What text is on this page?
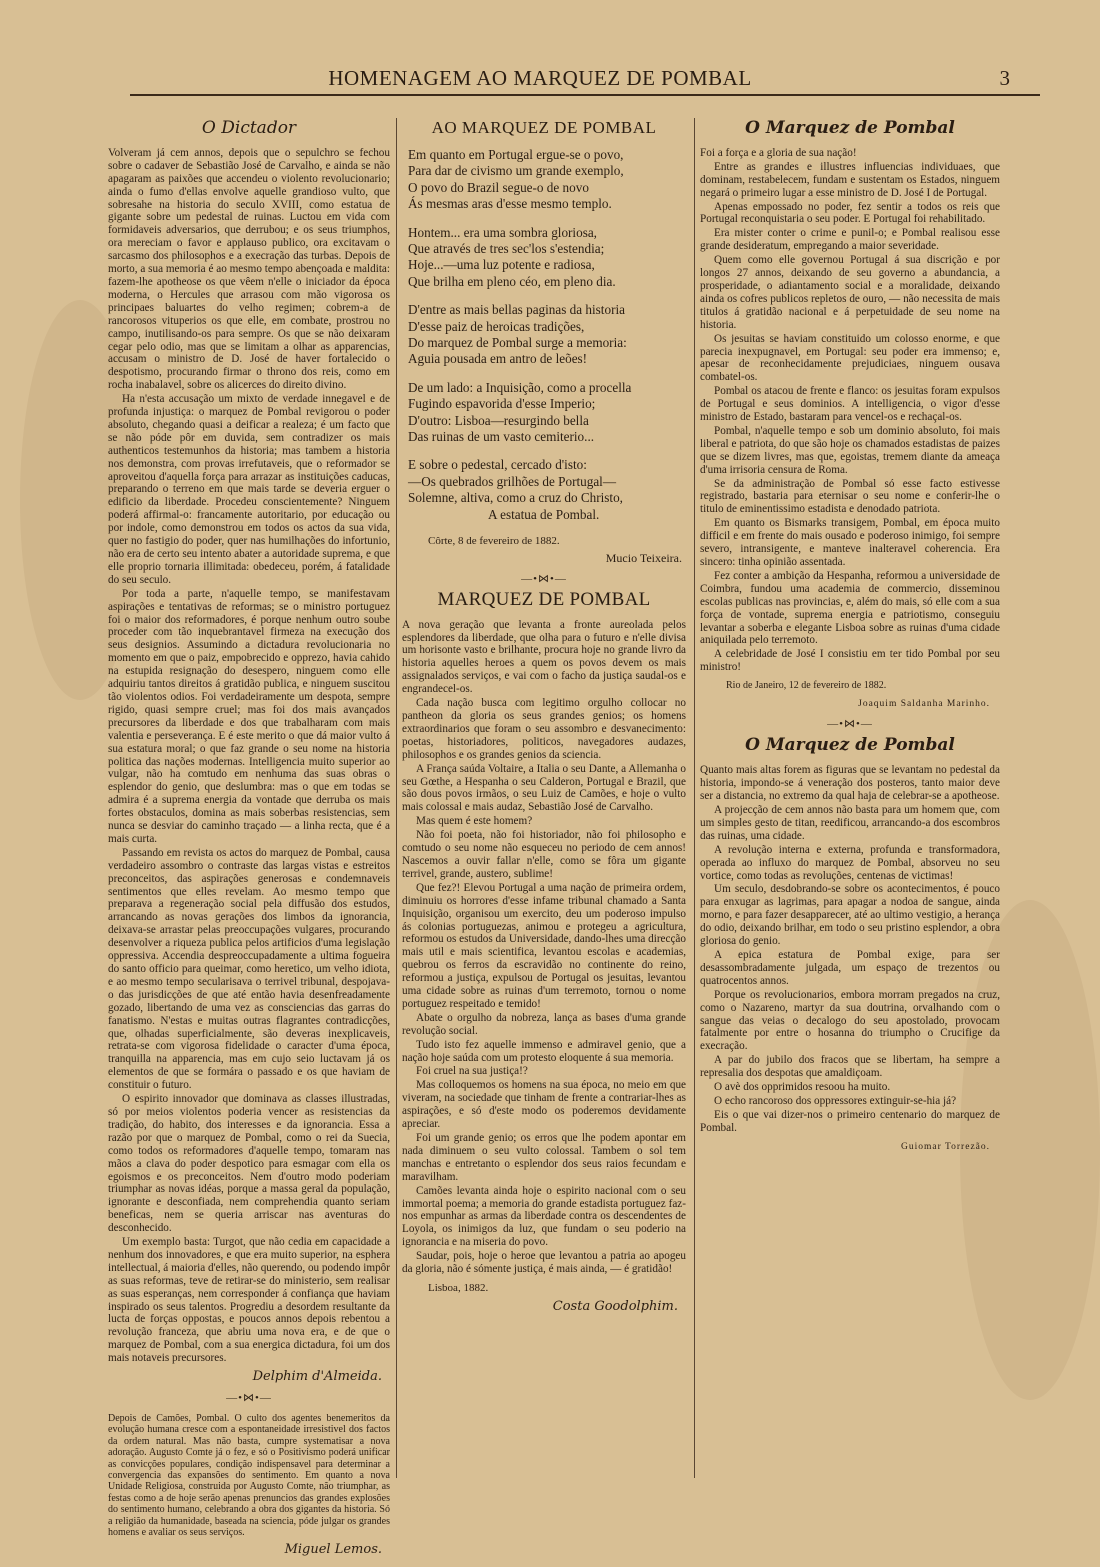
HOMENAGEM AO MARQUEZ DE POMBAL	3
O Dictador

Volveram já cem annos, depois que o sepulchro se fechou sobre o cadaver de Sebastião José de Carvalho, e ainda se não apagaram as paixões que accendeu o violento revolucionario; ainda o fumo d'ellas envolve aquelle grandioso vulto, que sobresahe na historia do seculo XVIII, como estatua de gigante sobre um pedestal de ruinas. Luctou em vida com formidaveis adversarios, que derrubou; e os seus triumphos, ora mereciam o favor e applauso publico, ora excitavam o sarcasmo dos philosophos e a execração das turbas. Depois de morto, a sua memoria é ao mesmo tempo abençoada e maldita: fazem-lhe apotheose os que vêem n'elle o iniciador da época moderna, o Hercules que arrasou com mão vigorosa os principaes baluartes do velho regimen; cobrem-a de rancorosos vituperios os que elle, em combate, prostrou no campo, inutilisando-os para sempre. Os que se não deixaram cegar pelo odio, mas que se limitam a olhar as apparencias, accusam o ministro de D. José de haver fortalecido o despotismo, procurando firmar o throno dos reis, como em rocha inabalavel, sobre os alicerces do direito divino.

Ha n'esta accusação um mixto de verdade innegavel e de profunda injustiça: o marquez de Pombal revigorou o poder absoluto, chegando quasi a deificar a realeza; é um facto que se não póde pôr em duvida, sem contradizer os mais authenticos testemunhos da historia; mas tambem a historia nos demonstra, com provas irrefutaveis, que o reformador se aproveitou d'aquella força para arrazar as instituições caducas, preparando o terreno em que mais tarde se deveria erguer o edificio da liberdade. Procedeu conscientemente? Ninguem poderá affirmal-o: francamente autoritario, por educação ou por indole, como demonstrou em todos os actos da sua vida, quer no fastigio do poder, quer nas humilhações do infortunio, não era de certo seu intento abater a autoridade suprema, e que elle proprio tornaria illimitada: obedeceu, porém, á fatalidade do seu seculo.

Por toda a parte, n'aquelle tempo, se manifestavam aspirações e tentativas de reformas; se o ministro portuguez foi o maior dos reformadores, é porque nenhum outro soube proceder com tão inquebrantavel firmeza na execução dos seus designios. Assumindo a dictadura revolucionaria no momento em que o paiz, empobrecido e opprezo, havia cahido na estupida resignação do desespero, ninguem como elle adquiriu tantos direitos á gratidão publica, e ninguem suscitou tão violentos odios. Foi verdadeiramente um despota, sempre rigido, quasi sempre cruel; mas foi dos mais avançados precursores da liberdade e dos que trabalharam com mais valentia e perseverança. E é este merito o que dá maior vulto á sua estatura moral; o que faz grande o seu nome na historia politica das nações modernas. Intelligencia muito superior ao vulgar, não ha comtudo em nenhuma das suas obras o esplendor do genio, que deslumbra: mas o que em todas se admira é a suprema energia da vontade que derruba os mais fortes obstaculos, domina as mais soberbas resistencias, sem nunca se desviar do caminho traçado — a linha recta, que é a mais curta.

Passando em revista os actos do marquez de Pombal, causa verdadeiro assombro o contraste das largas vistas e estreitos preconceitos, das aspirações generosas e condemnaveis sentimentos que elles revelam. Ao mesmo tempo que preparava a regeneração social pela diffusão dos estudos, arrancando as novas gerações dos limbos da ignorancia, deixava-se arrastar pelas preoccupações vulgares, procurando desenvolver a riqueza publica pelos artificios d'uma legislação oppressiva. Accendia despreoccupadamente a ultima fogueira do santo officio para queimar, como heretico, um velho idiota, e ao mesmo tempo secularisava o terrivel tribunal, despojava-o das jurisdicções de que até então havia desenfreadamente gozado, libertando de uma vez as consciencias das garras do fanatismo. N'estas e muitas outras flagrantes contradicções, que, olhadas superficialmente, são deveras inexplicaveis, retrata-se com vigorosa fidelidade o caracter d'uma época, tranquilla na apparencia, mas em cujo seio luctavam já os elementos de que se formára o passado e os que haviam de constituir o futuro.

O espirito innovador que dominava as classes illustradas, só por meios violentos poderia vencer as resistencias da tradição, do habito, dos interesses e da ignorancia. Essa a razão por que o marquez de Pombal, como o rei da Suecia, como todos os reformadores d'aquelle tempo, tomaram nas mãos a clava do poder despotico para esmagar com ella os egoismos e os preconceitos. Nem d'outro modo poderiam triumphar as novas idéas, porque a massa geral da população, ignorante e desconfiada, nem comprehendia quanto seriam beneficas, nem se queria arriscar nas aventuras do desconhecido.

Um exemplo basta: Turgot, que não cedia em capacidade a nenhum dos innovadores, e que era muito superior, na esphera intellectual, á maioria d'elles, não querendo, ou podendo impôr as suas reformas, teve de retirar-se do ministerio, sem realisar as suas esperanças, nem corresponder á confiança que haviam inspirado os seus talentos. Progrediu a desordem resultante da lucta de forças oppostas, e poucos annos depois rebentou a revolução franceza, que abriu uma nova era, e de que o marquez de Pombal, com a sua energica dictadura, foi um dos mais notaveis precursores.

Delphim d'Almeida.
—•⋈•—

Depois de Camões, Pombal. O culto dos agentes benemeritos da evolução humana cresce com a espontaneidade irresistivel dos factos da ordem natural. Mas não basta, cumpre systematisar a nova adoração. Augusto Comte já o fez, e só o Positivismo poderá unificar as convicções populares, condição indispensavel para determinar a convergencia das expansões do sentimento. Em quanto a nova Unidade Religiosa, construida por Augusto Comte, não triumphar, as festas como a de hoje serão apenas prenuncios das grandes explosões do sentimento humano, celebrando a obra dos gigantes da historia. Só a religião da humanidade, baseada na sciencia, póde julgar os grandes homens e avaliar os seus serviços.

Miguel Lemos.
AO MARQUEZ DE POMBAL
Em quanto em Portugal ergue-se o povo,
Para dar de civismo um grande exemplo,
O povo do Brazil segue-o de novo
Ás mesmas aras d'esse mesmo templo.
Hontem... era uma sombra gloriosa,
Que através de tres sec'los s'estendia;
Hoje...—uma luz potente e radiosa,
Que brilha em pleno céo, em pleno dia.
D'entre as mais bellas paginas da historia
D'esse paiz de heroicas tradições,
Do marquez de Pombal surge a memoria:
Aguia pousada em antro de leões!
De um lado: a Inquisição, como a procella
Fugindo espavorida d'esse Imperio;
D'outro: Lisboa—resurgindo bella
Das ruinas de um vasto cemiterio...
E sobre o pedestal, cercado d'isto:
—Os quebrados grilhões de Portugal—
Solemne, altiva, como a cruz do Christo,
A estatua de Pombal.
Côrte, 8 de fevereiro de 1882.
Mucio Teixeira.
—•⋈•—
MARQUEZ DE POMBAL

A nova geração que levanta a fronte aureolada pelos esplendores da liberdade, que olha para o futuro e n'elle divisa um horisonte vasto e brilhante, procura hoje no grande livro da historia aquelles heroes a quem os povos devem os mais assignalados serviços, e vai com o facho da justiça saudal-os e engrandecel-os.

Cada nação busca com legitimo orgulho collocar no pantheon da gloria os seus grandes genios; os homens extraordinarios que foram o seu assombro e desvanecimento: poetas, historiadores, politicos, navegadores audazes, philosophos e os grandes genios da sciencia.

A França saúda Voltaire, a Italia o seu Dante, a Allemanha o seu Gœthe, a Hespanha o seu Calderon, Portugal e Brazil, que são dous povos irmãos, o seu Luiz de Camões, e hoje o vulto mais colossal e mais audaz, Sebastião José de Carvalho.

Mas quem é este homem?

Não foi poeta, não foi historiador, não foi philosopho e comtudo o seu nome não esqueceu no periodo de cem annos! Nascemos a ouvir fallar n'elle, como se fôra um gigante terrivel, grande, austero, sublime!

Que fez?! Elevou Portugal a uma nação de primeira ordem, diminuiu os horrores d'esse infame tribunal chamado a Santa Inquisição, organisou um exercito, deu um poderoso impulso ás colonias portuguezas, animou e protegeu a agricultura, reformou os estudos da Universidade, dando-lhes uma direcção mais util e mais scientifica, levantou escolas e academias, quebrou os ferros da escravidão no continente do reino, reformou a justiça, expulsou de Portugal os jesuitas, levantou uma cidade sobre as ruinas d'um terremoto, tornou o nome portuguez respeitado e temido!

Abate o orgulho da nobreza, lança as bases d'uma grande revolução social.

Tudo isto fez aquelle immenso e admiravel genio, que a nação hoje saúda com um protesto eloquente á sua memoria.

Foi cruel na sua justiça!?

Mas colloquemos os homens na sua época, no meio em que viveram, na sociedade que tinham de frente a contrariar-lhes as aspirações, e só d'este modo os poderemos devidamente apreciar.

Foi um grande genio; os erros que lhe podem apontar em nada diminuem o seu vulto colossal. Tambem o sol tem manchas e entretanto o esplendor dos seus raios fecundam e maravilham.

Camões levanta ainda hoje o espirito nacional com o seu immortal poema; a memoria do grande estadista portuguez faz-nos empunhar as armas da liberdade contra os descendentes de Loyola, os inimigos da luz, que fundam o seu poderio na ignorancia e na miseria do povo.

Saudar, pois, hoje o heroe que levantou a patria ao apogeu da gloria, não é sómente justiça, é mais ainda, — é gratidão!

Lisboa, 1882.
Costa Goodolphim.
O Marquez de Pombal

Foi a força e a gloria de sua nação!

Entre as grandes e illustres influencias individuaes, que dominam, restabelecem, fundam e sustentam os Estados, ninguem negará o primeiro lugar a esse ministro de D. José I de Portugal.

Apenas empossado no poder, fez sentir a todos os reis que Portugal reconquistaria o seu poder. E Portugal foi rehabilitado.

Era mister conter o crime e punil-o; e Pombal realisou esse grande desideratum, empregando a maior severidade.

Quem como elle governou Portugal á sua discrição e por longos 27 annos, deixando de seu governo a abundancia, a prosperidade, o adiantamento social e a moralidade, deixando ainda os cofres publicos repletos de ouro, — não necessita de mais titulos á gratidão nacional e á perpetuidade de seu nome na historia.

Os jesuitas se haviam constituido um colosso enorme, e que parecia inexpugnavel, em Portugal: seu poder era immenso; e, apesar de reconhecidamente prejudiciaes, ninguem ousava combatel-os.

Pombal os atacou de frente e flanco: os jesuitas foram expulsos de Portugal e seus dominios. A intelligencia, o vigor d'esse ministro de Estado, bastaram para vencel-os e rechaçal-os.

Pombal, n'aquelle tempo e sob um dominio absoluto, foi mais liberal e patriota, do que são hoje os chamados estadistas de paizes que se dizem livres, mas que, egoistas, tremem diante da ameaça d'uma irrisoria censura de Roma.

Se da administração de Pombal só esse facto estivesse registrado, bastaria para eternisar o seu nome e conferir-lhe o titulo de eminentissimo estadista e denodado patriota.

Em quanto os Bismarks transigem, Pombal, em época muito difficil e em frente do mais ousado e poderoso inimigo, foi sempre severo, intransigente, e manteve inalteravel coherencia. Era sincero: tinha opinião assentada.

Fez conter a ambição da Hespanha, reformou a universidade de Coimbra, fundou uma academia de commercio, disseminou escolas publicas nas provincias, e, além do mais, só elle com a sua força de vontade, suprema energia e patriotismo, conseguiu levantar a soberba e elegante Lisboa sobre as ruinas d'uma cidade aniquilada pelo terremoto.

A celebridade de José I consistiu em ter tido Pombal por seu ministro!

Rio de Janeiro, 12 de fevereiro de 1882.
Joaquim Saldanha Marinho.
—•⋈•—
O Marquez de Pombal

Quanto mais altas forem as figuras que se levantam no pedestal da historia, impondo-se á veneração dos posteros, tanto maior deve ser a distancia, no extremo da qual haja de celebrar-se a apotheose.

A projecção de cem annos não basta para um homem que, com um simples gesto de titan, reedificou, arrancando-a dos escombros das ruinas, uma cidade.

A revolução interna e externa, profunda e transformadora, operada ao influxo do marquez de Pombal, absorveu no seu vortice, como todas as revoluções, centenas de victimas!

Um seculo, desdobrando-se sobre os acontecimentos, é pouco para enxugar as lagrimas, para apagar a nodoa de sangue, ainda morno, e para fazer desapparecer, até ao ultimo vestigio, a herança do odio, deixando brilhar, em todo o seu pristino esplendor, a obra gloriosa do genio.

A epica estatura de Pombal exige, para ser desassombradamente julgada, um espaço de trezentos ou quatrocentos annos.

Porque os revolucionarios, embora morram pregados na cruz, como o Nazareno, martyr da sua doutrina, orvalhando com o sangue das veias o decalogo do seu apostolado, provocam fatalmente por entre o hosanna do triumpho o Crucifige da execração.

A par do jubilo dos fracos que se libertam, ha sempre a represalia dos despotas que amaldiçoam.

O avè dos opprimidos resoou ha muito.

O echo rancoroso dos oppressores extinguir-se-hia já?

Eis o que vai dizer-nos o primeiro centenario do marquez de Pombal.

Guiomar Torrezão.
